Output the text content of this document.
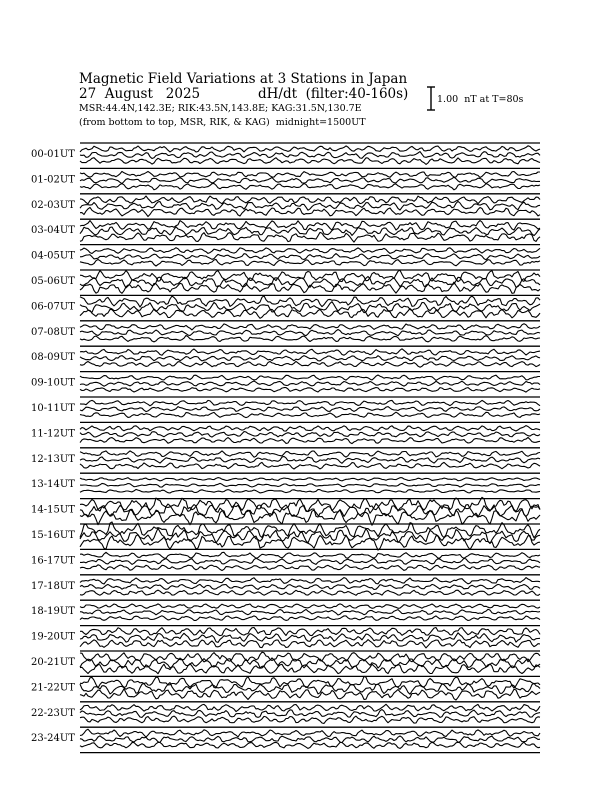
Magnetic Field Variations at 3 Stations in Japan
27  August   2025	dH/dt  (filter:40-160s)
MSR:44.4N,142.3E; RIK:43.5N,143.8E; KAG:31.5N,130.7E
(from bottom to top, MSR, RIK, & KAG)  midnight=1500UT
1.00  nT at T=80s
00-01UT
01-02UT
02-03UT
03-04UT
04-05UT
05-06UT
06-07UT
07-08UT
08-09UT
09-10UT
10-11UT
11-12UT
12-13UT
13-14UT
14-15UT
15-16UT
16-17UT
17-18UT
18-19UT
19-20UT
20-21UT
21-22UT
22-23UT
23-24UT
